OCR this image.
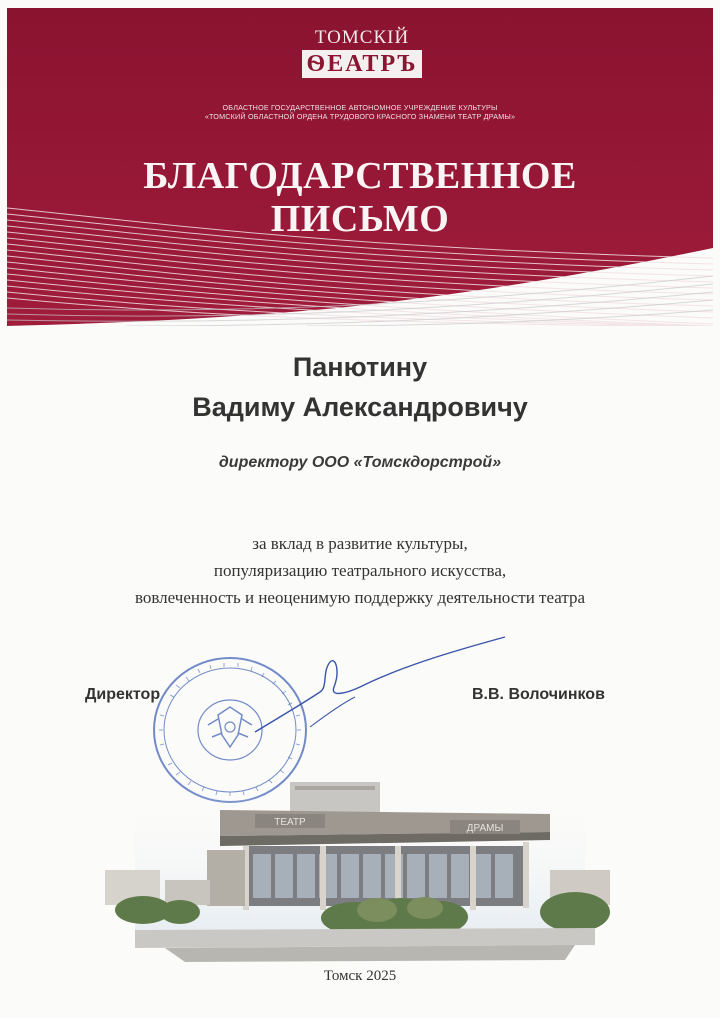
ТОМСКIЙ
ѲЕАТРЪ
ОБЛАСТНОЕ ГОСУДАРСТВЕННОЕ АВТОНОМНОЕ УЧРЕЖДЕНИЕ КУЛЬТУРЫ
«ТОМСКИЙ ОБЛАСТНОЙ ОРДЕНА ТРУДОВОГО КРАСНОГО ЗНАМЕНИ ТЕАТР ДРАМЫ»
БЛАГОДАРСТВЕННОЕ
ПИСЬМО
Панютину
Вадиму Александровичу
директору ООО «Томскдорстрой»
за вклад в развитие культуры,
популяризацию театрального искусства,
вовлеченность и неоценимую поддержку деятельности театра
Директор	В.В. Волочинков
ТЕАТР
ДРАМЫ
Томск 2025
